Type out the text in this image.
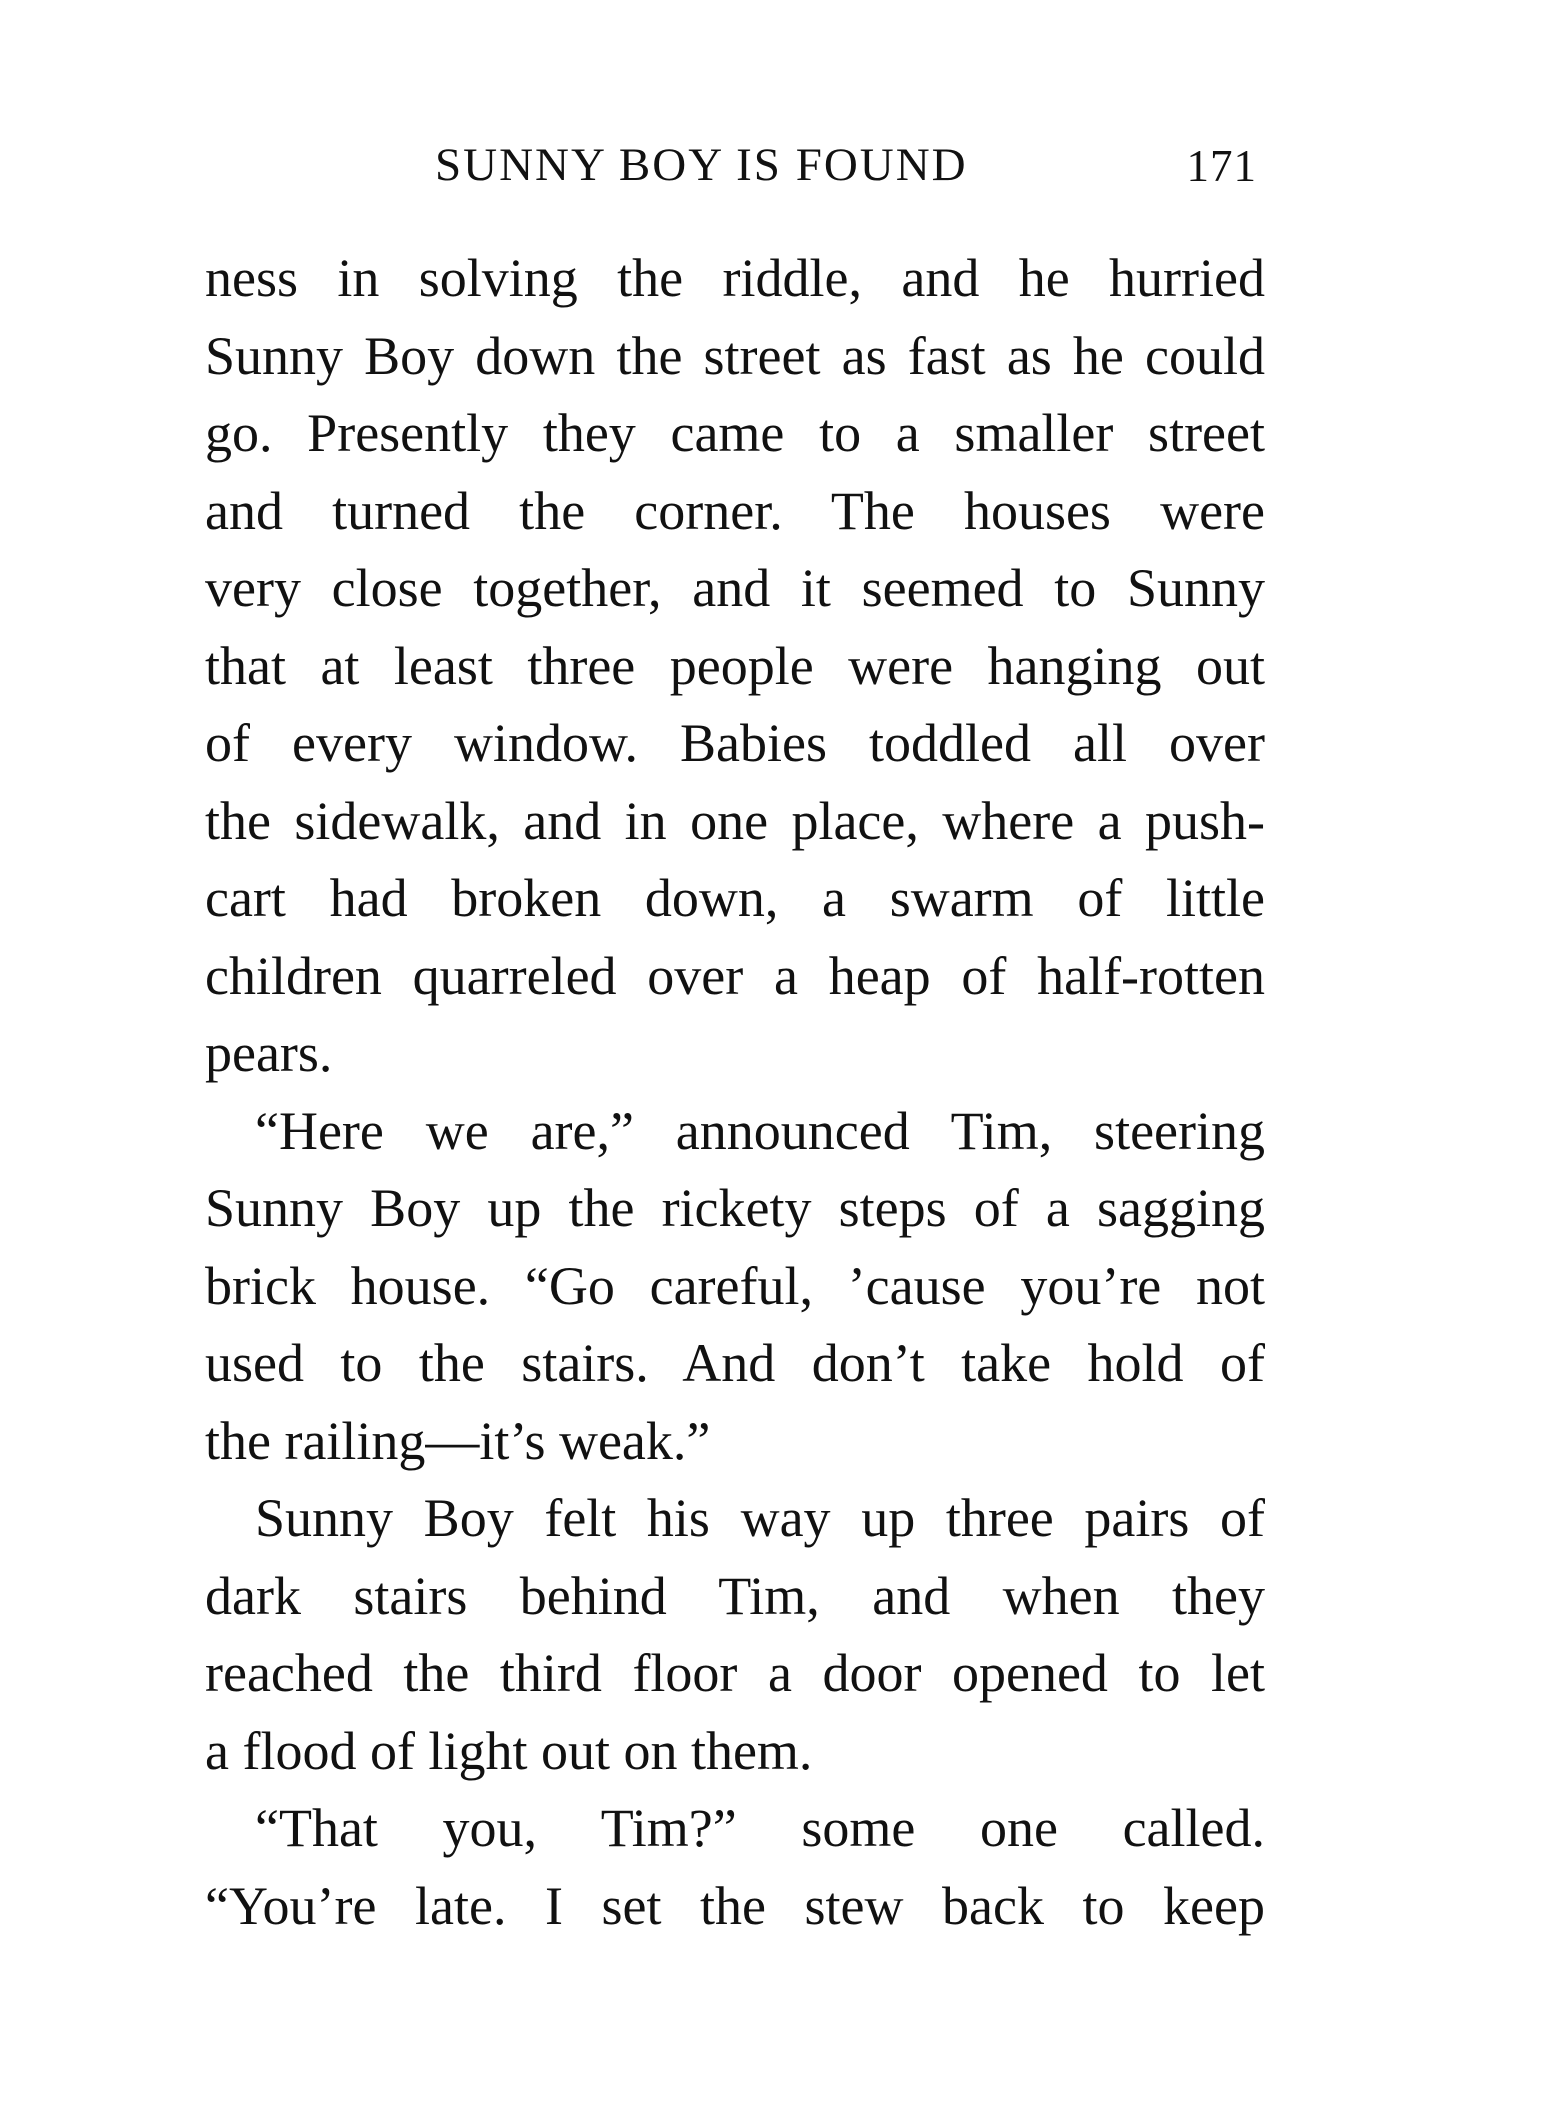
SUNNY BOY IS FOUND	171
ness in solving the riddle, and he hurried
Sunny Boy down the street as fast as he could
go. Presently they came to a smaller street
and turned the corner. The houses were
very close together, and it seemed to Sunny
that at least three people were hanging out
of every window. Babies toddled all over
the sidewalk, and in one place, where a push-
cart had broken down, a swarm of little
children quarreled over a heap of half-rotten
pears.
“Here we are,” announced Tim, steering
Sunny Boy up the rickety steps of a sagging
brick house. “Go careful, ’cause you’re not
used to the stairs. And don’t take hold of
the railing—it’s weak.”
Sunny Boy felt his way up three pairs of
dark stairs behind Tim, and when they
reached the third floor a door opened to let
a flood of light out on them.
“That you, Tim?” some one called.
“You’re late. I set the stew back to keep
